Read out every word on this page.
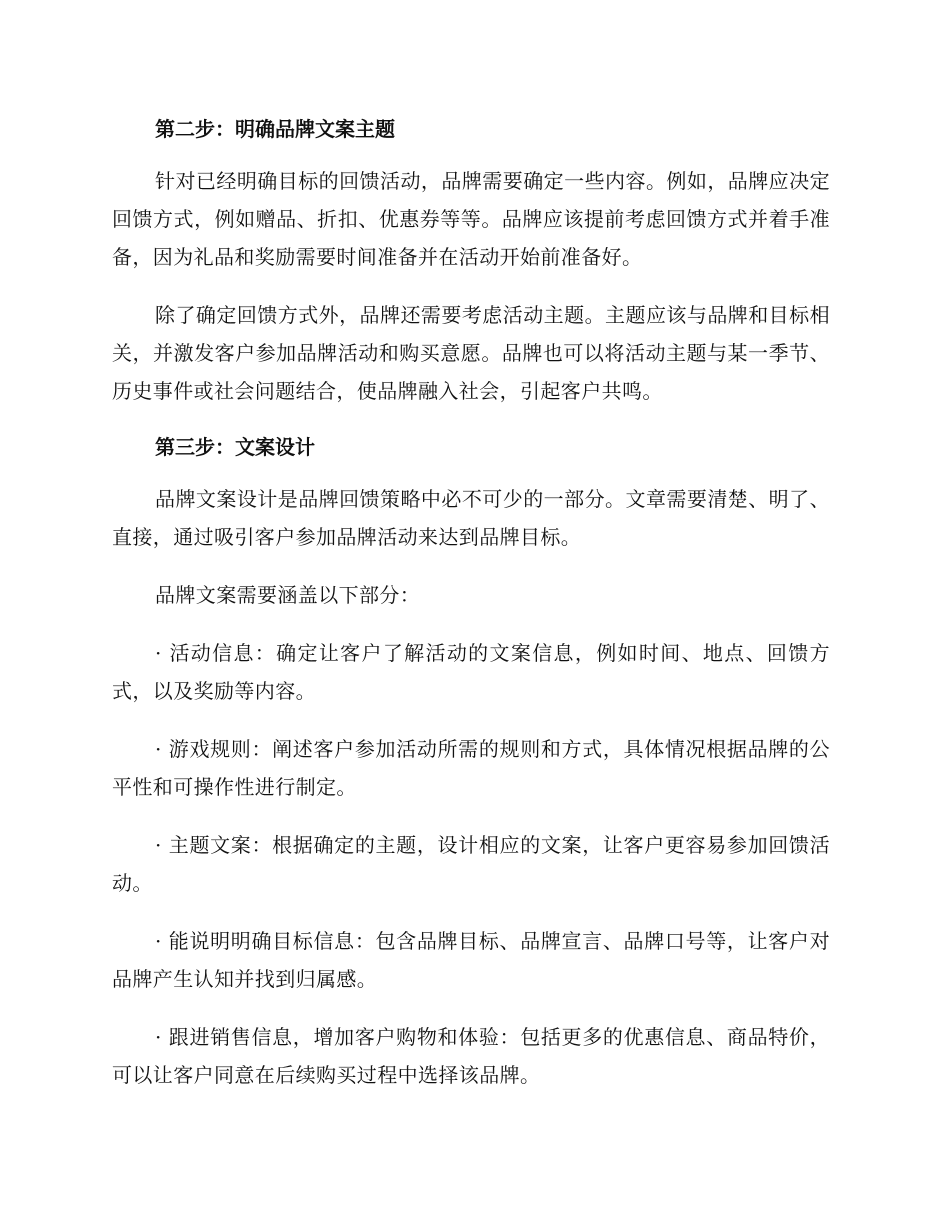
第二步：明确品牌文案主题

针对已经明确目标的回馈活动，品牌需要确定一些内容。例如，品牌应决定回馈方式，例如赠品、折扣、优惠券等等。品牌应该提前考虑回馈方式并着手准备，因为礼品和奖励需要时间准备并在活动开始前准备好。

除了确定回馈方式外，品牌还需要考虑活动主题。主题应该与品牌和目标相关，并激发客户参加品牌活动和购买意愿。品牌也可以将活动主题与某一季节、历史事件或社会问题结合，使品牌融入社会，引起客户共鸣。

第三步：文案设计

品牌文案设计是品牌回馈策略中必不可少的一部分。文章需要清楚、明了、直接，通过吸引客户参加品牌活动来达到品牌目标。

品牌文案需要涵盖以下部分：

· 活动信息：确定让客户了解活动的文案信息，例如时间、地点、回馈方式，以及奖励等内容。

· 游戏规则：阐述客户参加活动所需的规则和方式，具体情况根据品牌的公平性和可操作性进行制定。

· 主题文案：根据确定的主题，设计相应的文案，让客户更容易参加回馈活动。

· 能说明明确目标信息：包含品牌目标、品牌宣言、品牌口号等，让客户对品牌产生认知并找到归属感。

· 跟进销售信息，增加客户购物和体验：包括更多的优惠信息、商品特价，可以让客户同意在后续购买过程中选择该品牌。
